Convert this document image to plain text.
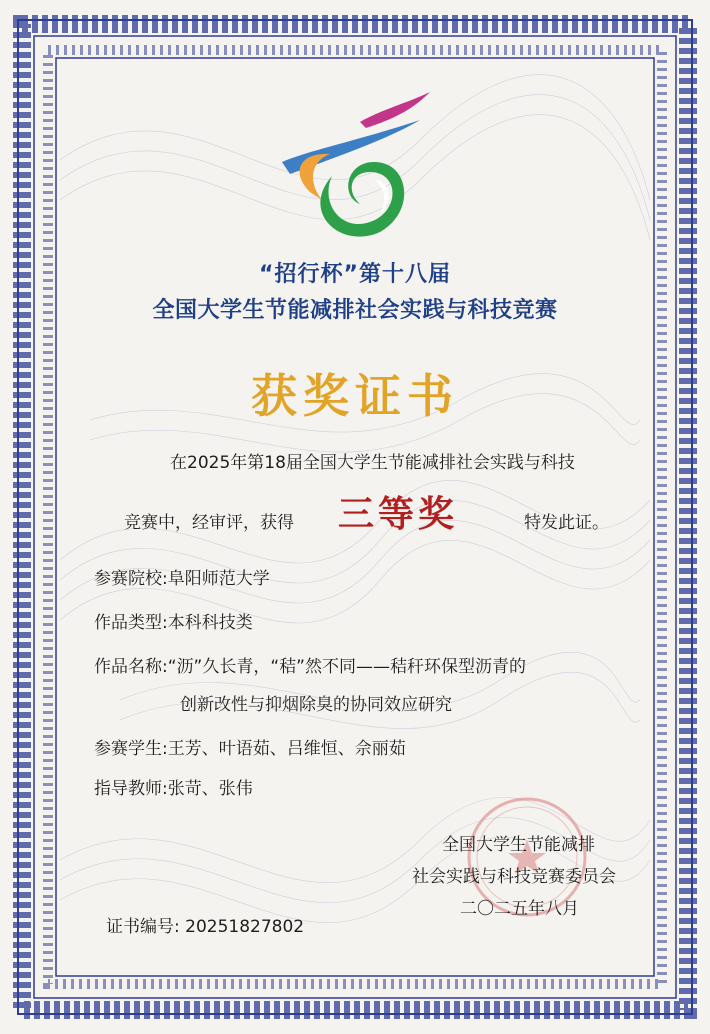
“招行杯”第十八届
全国大学生节能减排社会实践与科技竞赛
获奖证书
在2025年第18届全国大学生节能减排社会实践与科技
竞赛中，经审评，获得 三等奖	特发此证。
参赛院校:阜阳师范大学
作品类型:本科科技类
作品名称:“沥”久长青，“秸”然不同——秸秆环保型沥青的
创新改性与抑烟除臭的协同效应研究
参赛学生:王芳、叶语茹、吕维恒、佘丽茹
指导教师:张苛、张伟
全国大学生节能减排
社会实践与科技竞赛委员会
二〇二五年八月
证书编号: 20251827802
